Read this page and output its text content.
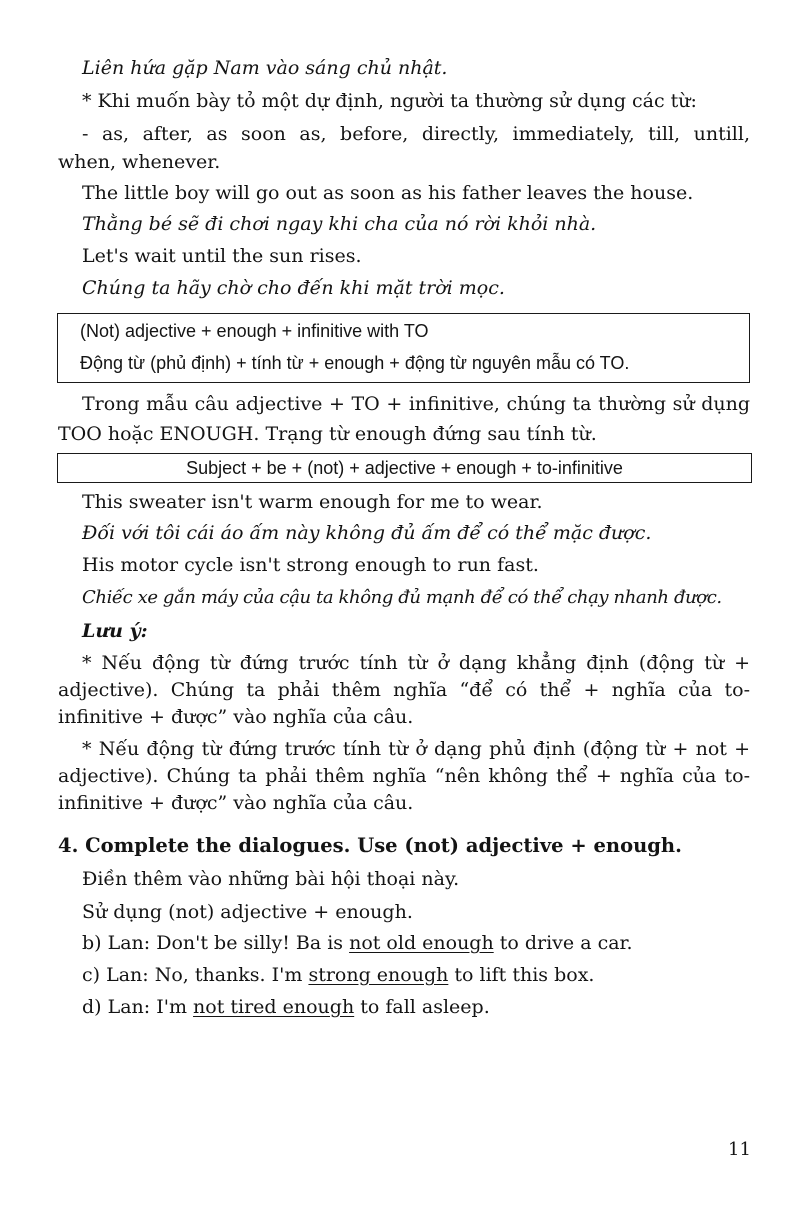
Liên hứa gặp Nam vào sáng chủ nhật.
* Khi muốn bày tỏ một dự định, người ta thường sử dụng các từ:
- as, after, as soon as, before, directly, immediately, till, untill,
when, whenever.
The little boy will go out as soon as his father leaves the house.
Thằng bé sẽ đi chơi ngay khi cha của nó rời khỏi nhà.
Let's wait until the sun rises.
Chúng ta hãy chờ cho đến khi mặt trời mọc.
(Not) adjective + enough + infinitive with TO
Động từ (phủ định) + tính từ + enough + động từ nguyên mẫu có TO.
Trong mẫu câu adjective + TO + infinitive, chúng ta thường sử dụng
TOO hoặc ENOUGH. Trạng từ enough đứng sau tính từ.
Subject + be + (not) + adjective + enough + to-infinitive
This sweater isn't warm enough for me to wear.
Đối với tôi cái áo ấm này không đủ ấm để có thể mặc được.
His motor cycle isn't strong enough to run fast.
Chiếc xe gắn máy của cậu ta không đủ mạnh để có thể chạy nhanh được.
Lưu ý:
* Nếu động từ đứng trước tính từ ở dạng khẳng định (động từ +
adjective). Chúng ta phải thêm nghĩa “để có thể + nghĩa của to-
infinitive + được” vào nghĩa của câu.
* Nếu động từ đứng trước tính từ ở dạng phủ định (động từ + not +
adjective). Chúng ta phải thêm nghĩa “nên không thể + nghĩa của to-
infinitive + được” vào nghĩa của câu.
4. Complete the dialogues. Use (not) adjective + enough.
Điền thêm vào những bài hội thoại này.
Sử dụng (not) adjective + enough.
b) Lan: Don't be silly! Ba is not old enough to drive a car.
c) Lan: No, thanks. I'm strong enough to lift this box.
d) Lan: I'm not tired enough to fall asleep.
11
